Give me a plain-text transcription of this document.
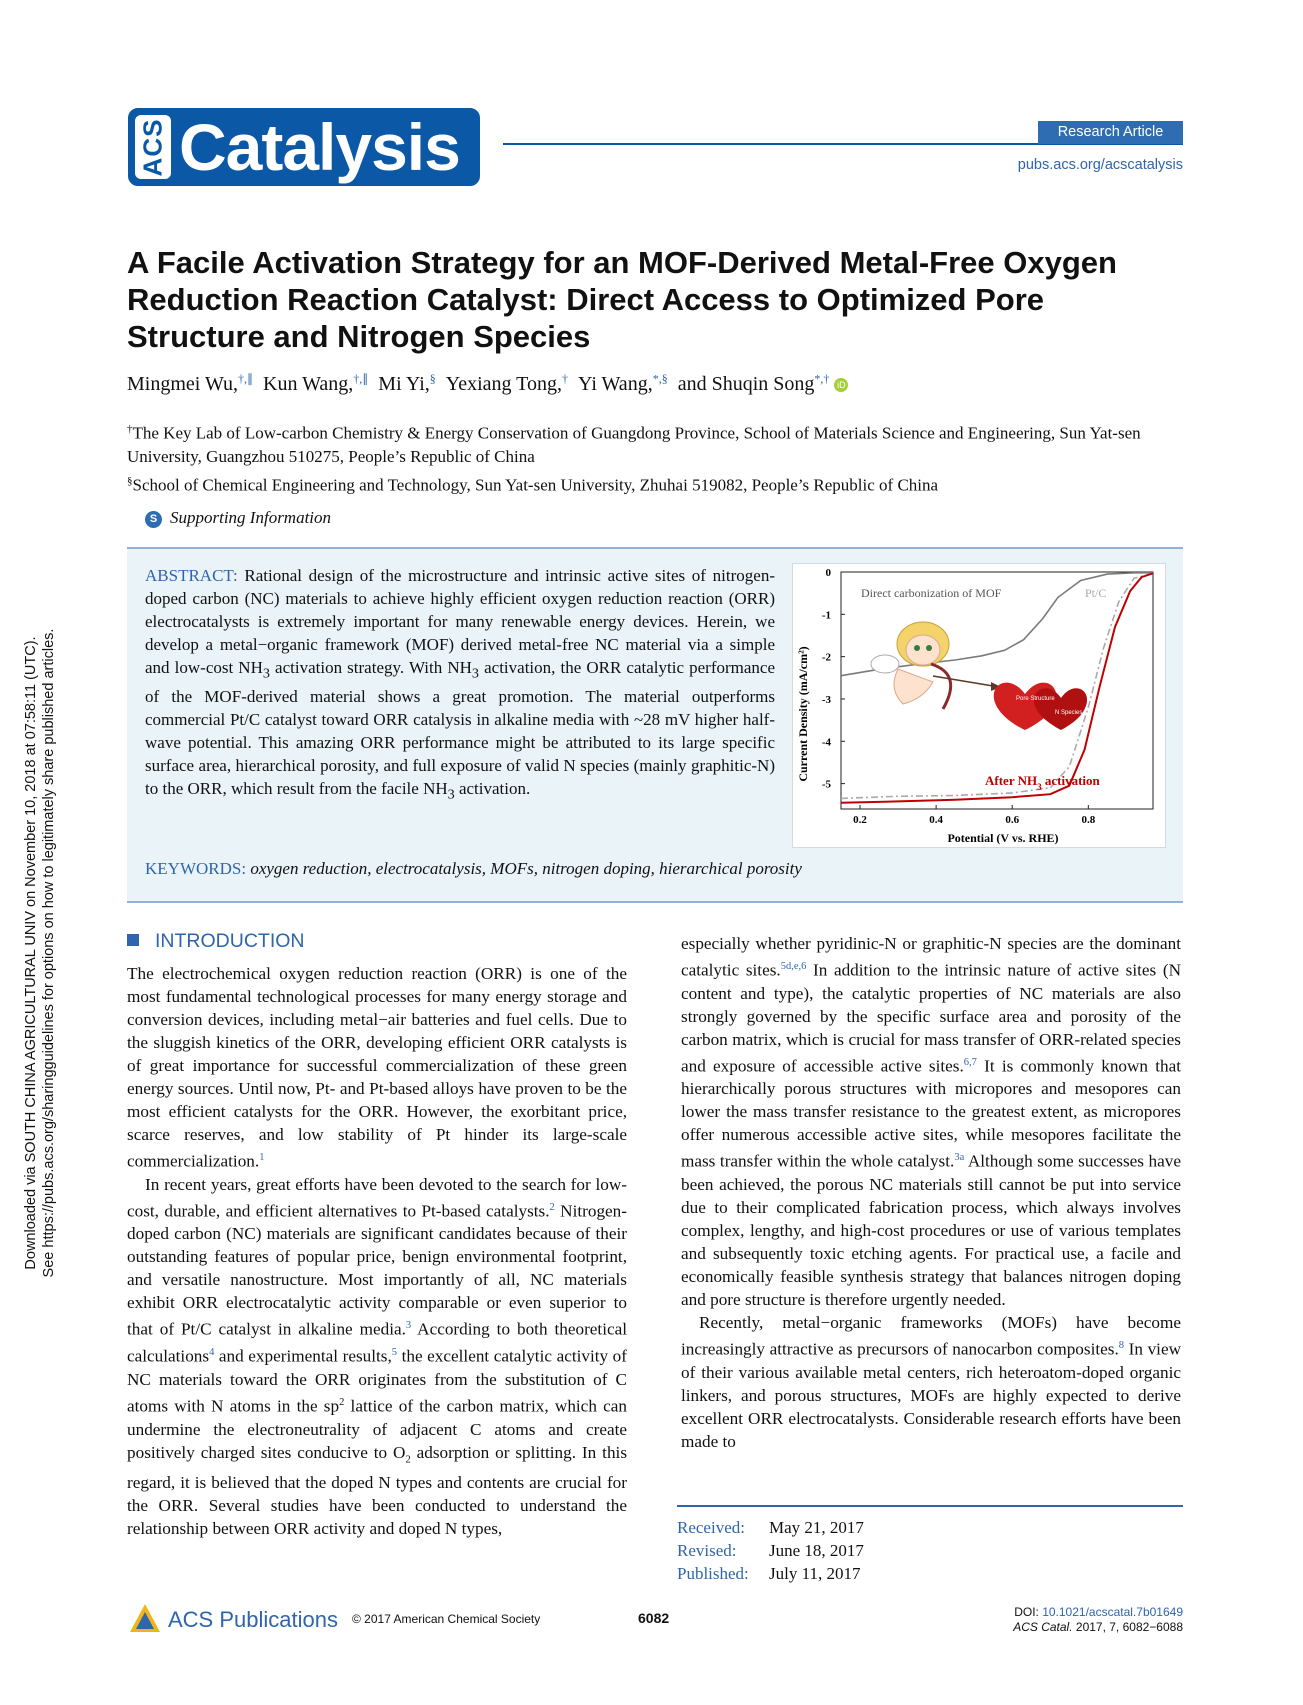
Downloaded via SOUTH CHINA AGRICULTURAL UNIV on November 10, 2018 at 07:58:11 (UTC). See https://pubs.acs.org/sharingguidelines for options on how to legitimately share published articles.
ACS Catalysis	Research Article
pubs.acs.org/acscatalysis
A Facile Activation Strategy for an MOF-Derived Metal-Free Oxygen Reduction Reaction Catalyst: Direct Access to Optimized Pore Structure and Nitrogen Species
Mingmei Wu,†,∥ Kun Wang,†,∥ Mi Yi,§ Yexiang Tong,† Yi Wang,*,§ and Shuqin Song*,† iD
†The Key Lab of Low-carbon Chemistry & Energy Conservation of Guangdong Province, School of Materials Science and Engineering, Sun Yat-sen University, Guangzhou 510275, People’s Republic of China
§School of Chemical Engineering and Technology, Sun Yat-sen University, Zhuhai 519082, People’s Republic of China
S Supporting Information
ABSTRACT: Rational design of the microstructure and intrinsic active sites of nitrogen-doped carbon (NC) materials to achieve highly efficient oxygen reduction reaction (ORR) electrocatalysts is extremely important for many renewable energy devices. Herein, we develop a metal−organic framework (MOF) derived metal-free NC material via a simple and low-cost $NH_3$ activation strategy. With $NH_3$ activation, the ORR catalytic performance of the MOF-derived material shows a great promotion. The material outperforms commercial Pt/C catalyst toward ORR catalysis in alkaline media with ~28 mV higher half-wave potential. This amazing ORR performance might be attributed to its large specific surface area, hierarchical porosity, and full exposure of valid N species (mainly graphitic-N) to the ORR, which result from the facile $NH_3$ activation.
KEYWORDS: oxygen reduction, electrocatalysis, MOFs, nitrogen doping, hierarchical porosity
0.2	0.4	0.6	0.8
0
-1
-2
-3
-4
-5
Pore Structure
N Species
Direct carbonization of MOF	Pt/C
After $NH_3$ activation
Current Density (mA/cm²)
Potential (V vs. RHE)
INTRODUCTION

The electrochemical oxygen reduction reaction (ORR) is one of the most fundamental technological processes for many energy storage and conversion devices, including metal−air batteries and fuel cells. Due to the sluggish kinetics of the ORR, developing efficient ORR catalysts is of great importance for successful commercialization of these green energy sources. Until now, Pt- and Pt-based alloys have proven to be the most efficient catalysts for the ORR. However, the exorbitant price, scarce reserves, and low stability of Pt hinder its large-scale commercialization.$^1$

In recent years, great efforts have been devoted to the search for low-cost, durable, and efficient alternatives to Pt-based catalysts.$^2$ Nitrogen-doped carbon (NC) materials are significant candidates because of their outstanding features of popular price, benign environmental footprint, and versatile nanostructure. Most importantly of all, NC materials exhibit ORR electrocatalytic activity comparable or even superior to that of Pt/C catalyst in alkaline media.$^3$ According to both theoretical calculations$^4$ and experimental results,$^5$ the excellent catalytic activity of NC materials toward the ORR originates from the substitution of C atoms with N atoms in the $sp^2$ lattice of the carbon matrix, which can undermine the electroneutrality of adjacent C atoms and create positively charged sites conducive to $O_2$ adsorption or splitting. In this regard, it is believed that the doped N types and contents are crucial for the ORR. Several studies have been conducted to understand the relationship between ORR activity and doped N types,

especially whether pyridinic-N or graphitic-N species are the dominant catalytic sites.$^{5d,e,6}$ In addition to the intrinsic nature of active sites (N content and type), the catalytic properties of NC materials are also strongly governed by the specific surface area and porosity of the carbon matrix, which is crucial for mass transfer of ORR-related species and exposure of accessible active sites.$^{6,7}$ It is commonly known that hierarchically porous structures with micropores and mesopores can lower the mass transfer resistance to the greatest extent, as micropores offer numerous accessible active sites, while mesopores facilitate the mass transfer within the whole catalyst.$^{3a}$ Although some successes have been achieved, the porous NC materials still cannot be put into service due to their complicated fabrication process, which always involves complex, lengthy, and high-cost procedures or use of various templates and subsequently toxic etching agents. For practical use, a facile and economically feasible synthesis strategy that balances nitrogen doping and pore structure is therefore urgently needed.

Recently, metal−organic frameworks (MOFs) have become increasingly attractive as precursors of nanocarbon composites.$^8$ In view of their various available metal centers, rich heteroatom-doped organic linkers, and porous structures, MOFs are highly expected to derive excellent ORR electrocatalysts. Considerable research efforts have been made to

Received: May 21, 2017
Revised: June 18, 2017
Published: July 11, 2017
ACS Publications © 2017 American Chemical Society	6082	DOI: 10.1021/acscatal.7b01649
ACS Catal. 2017, 7, 6082−6088
